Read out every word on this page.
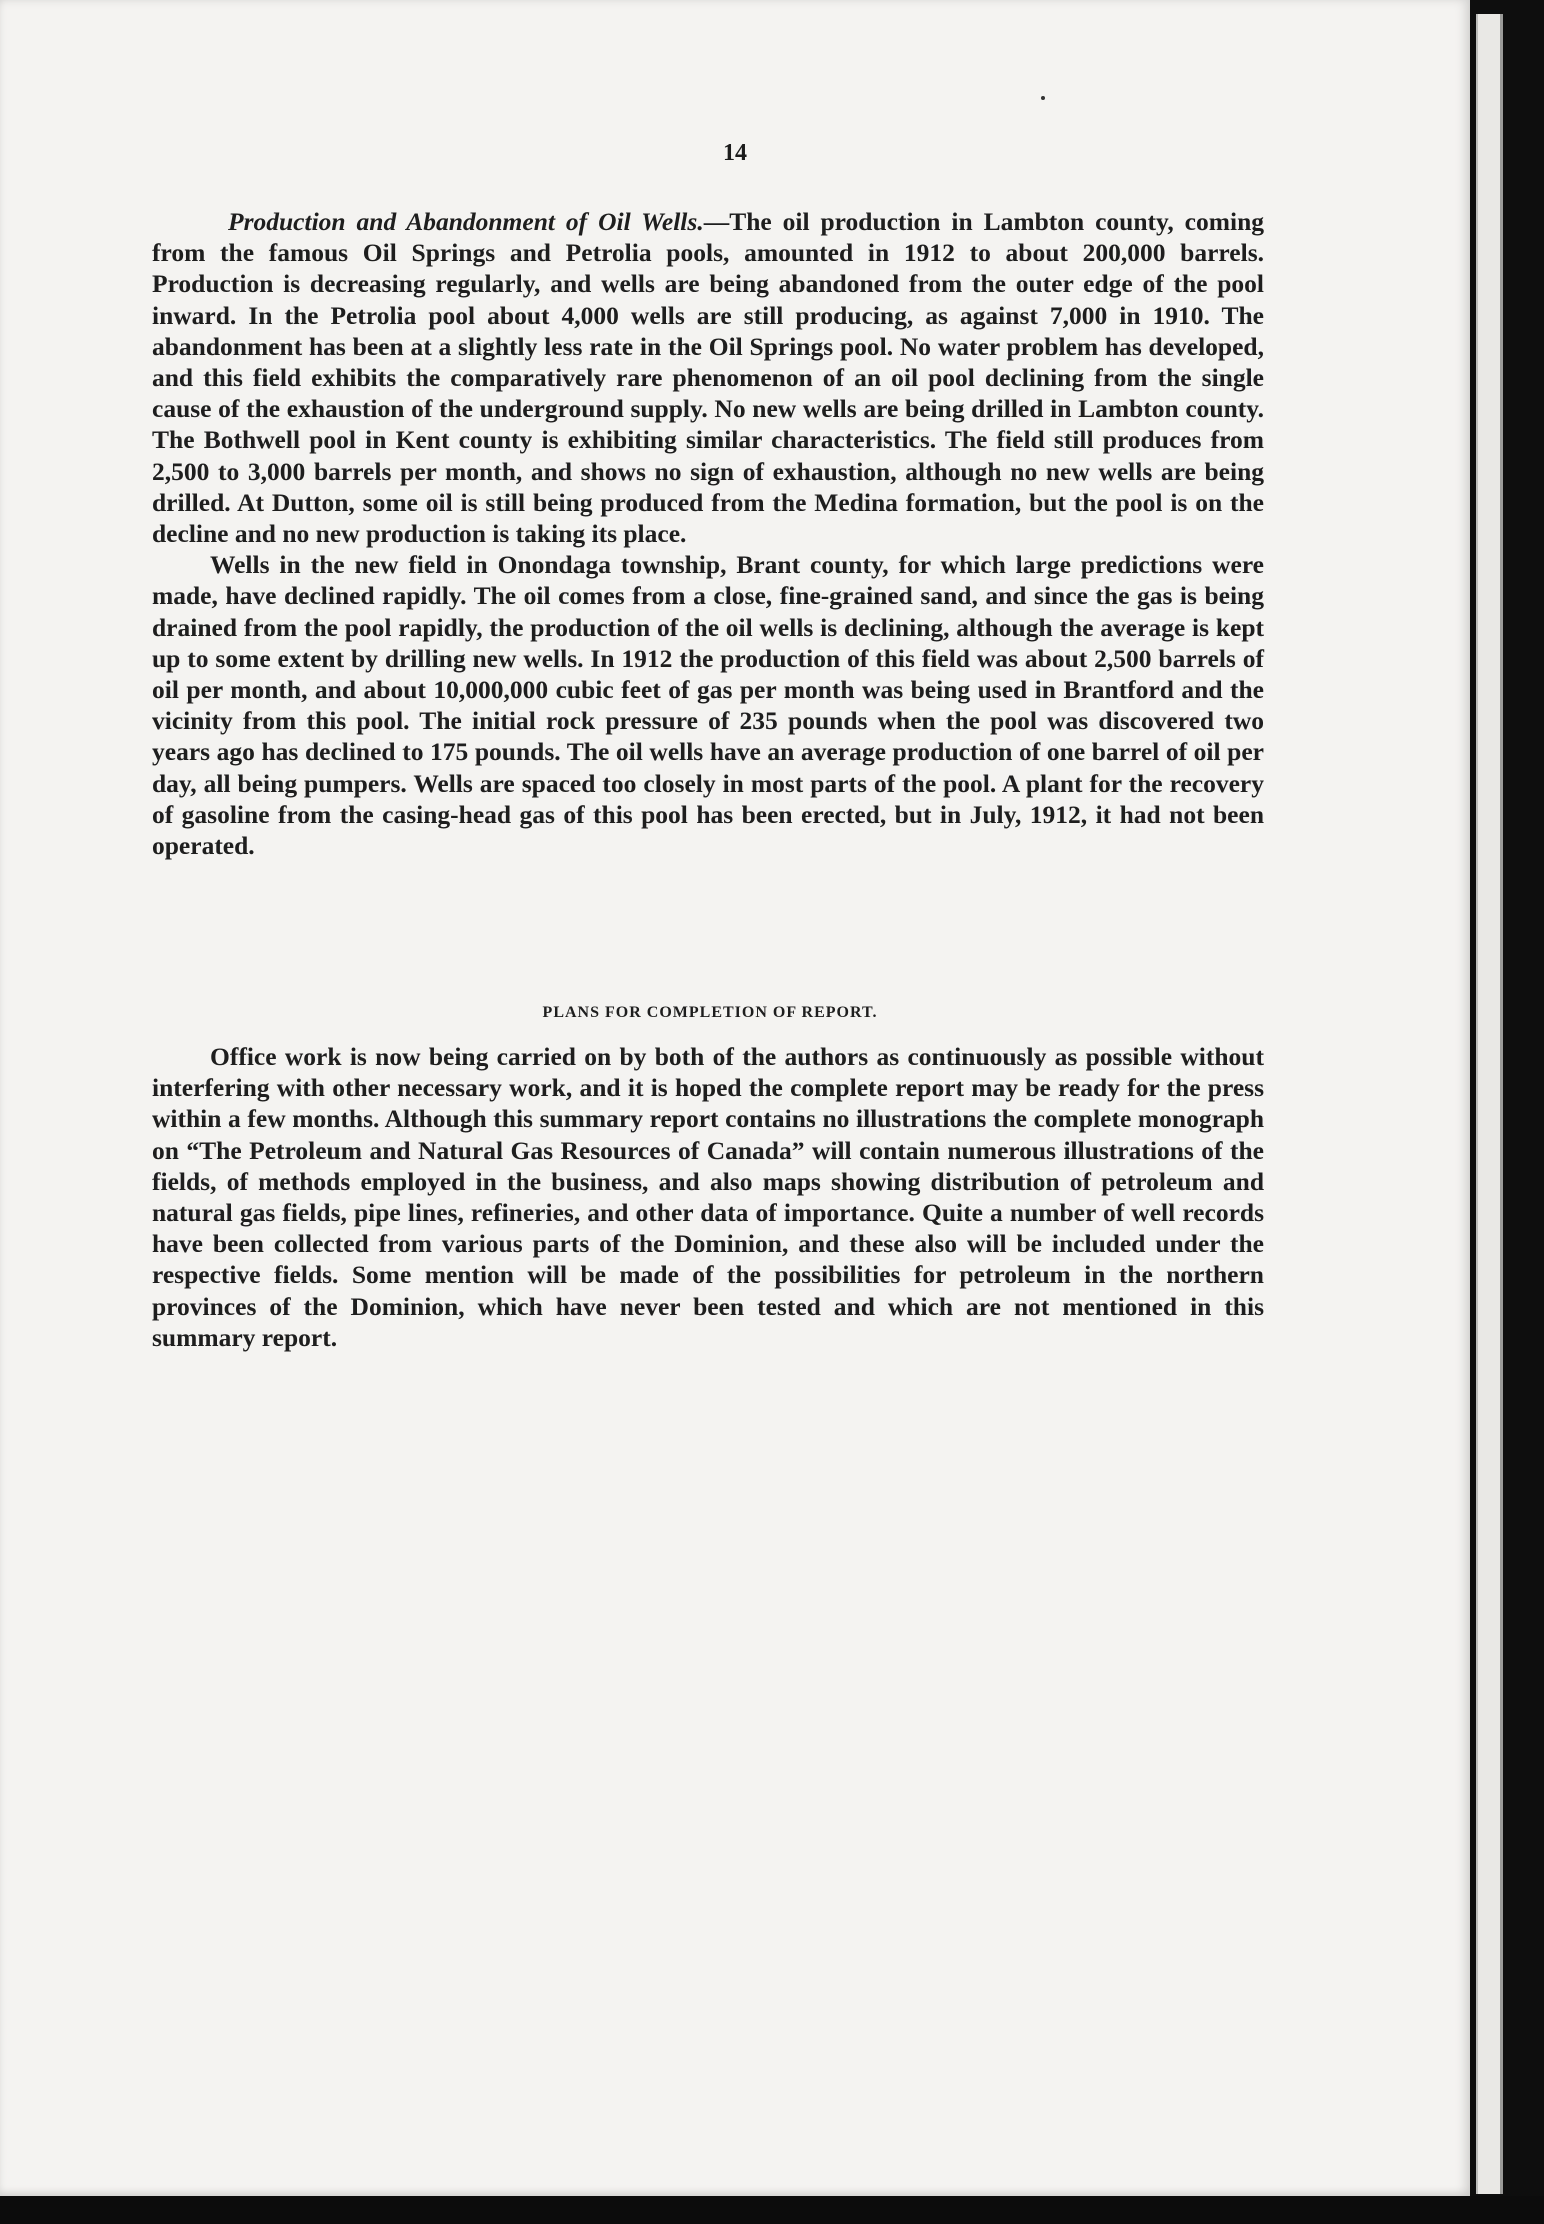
14

Production and Abandonment of Oil Wells.—The oil production in Lambton county, coming from the famous Oil Springs and Petrolia pools, amounted in 1912 to about 200,000 barrels. Production is decreasing regularly, and wells are being abandoned from the outer edge of the pool inward. In the Petrolia pool about 4,000 wells are still producing, as against 7,000 in 1910. The abandonment has been at a slightly less rate in the Oil Springs pool. No water problem has developed, and this field exhibits the comparatively rare phenomenon of an oil pool declining from the single cause of the exhaustion of the underground supply. No new wells are being drilled in Lambton county. The Bothwell pool in Kent county is exhibiting similar characteristics. The field still produces from 2,500 to 3,000 barrels per month, and shows no sign of exhaustion, although no new wells are being drilled. At Dutton, some oil is still being produced from the Medina formation, but the pool is on the decline and no new production is taking its place.

Wells in the new field in Onondaga township, Brant county, for which large predictions were made, have declined rapidly. The oil comes from a close, fine-grained sand, and since the gas is being drained from the pool rapidly, the production of the oil wells is declining, although the average is kept up to some extent by drilling new wells. In 1912 the production of this field was about 2,500 barrels of oil per month, and about 10,000,000 cubic feet of gas per month was being used in Brantford and the vicinity from this pool. The initial rock pressure of 235 pounds when the pool was discovered two years ago has declined to 175 pounds. The oil wells have an average production of one barrel of oil per day, all being pumpers. Wells are spaced too closely in most parts of the pool. A plant for the recovery of gasoline from the casing-head gas of this pool has been erected, but in July, 1912, it had not been operated.

PLANS FOR COMPLETION OF REPORT.

Office work is now being carried on by both of the authors as continuously as possible without interfering with other necessary work, and it is hoped the complete report may be ready for the press within a few months. Although this summary report contains no illustrations the complete monograph on “The Petroleum and Natural Gas Resources of Canada” will contain numerous illustrations of the fields, of methods employed in the business, and also maps showing distribution of petroleum and natural gas fields, pipe lines, refineries, and other data of importance. Quite a number of well records have been collected from various parts of the Dominion, and these also will be included under the respective fields. Some mention will be made of the possibilities for petroleum in the northern provinces of the Dominion, which have never been tested and which are not mentioned in this summary report.
